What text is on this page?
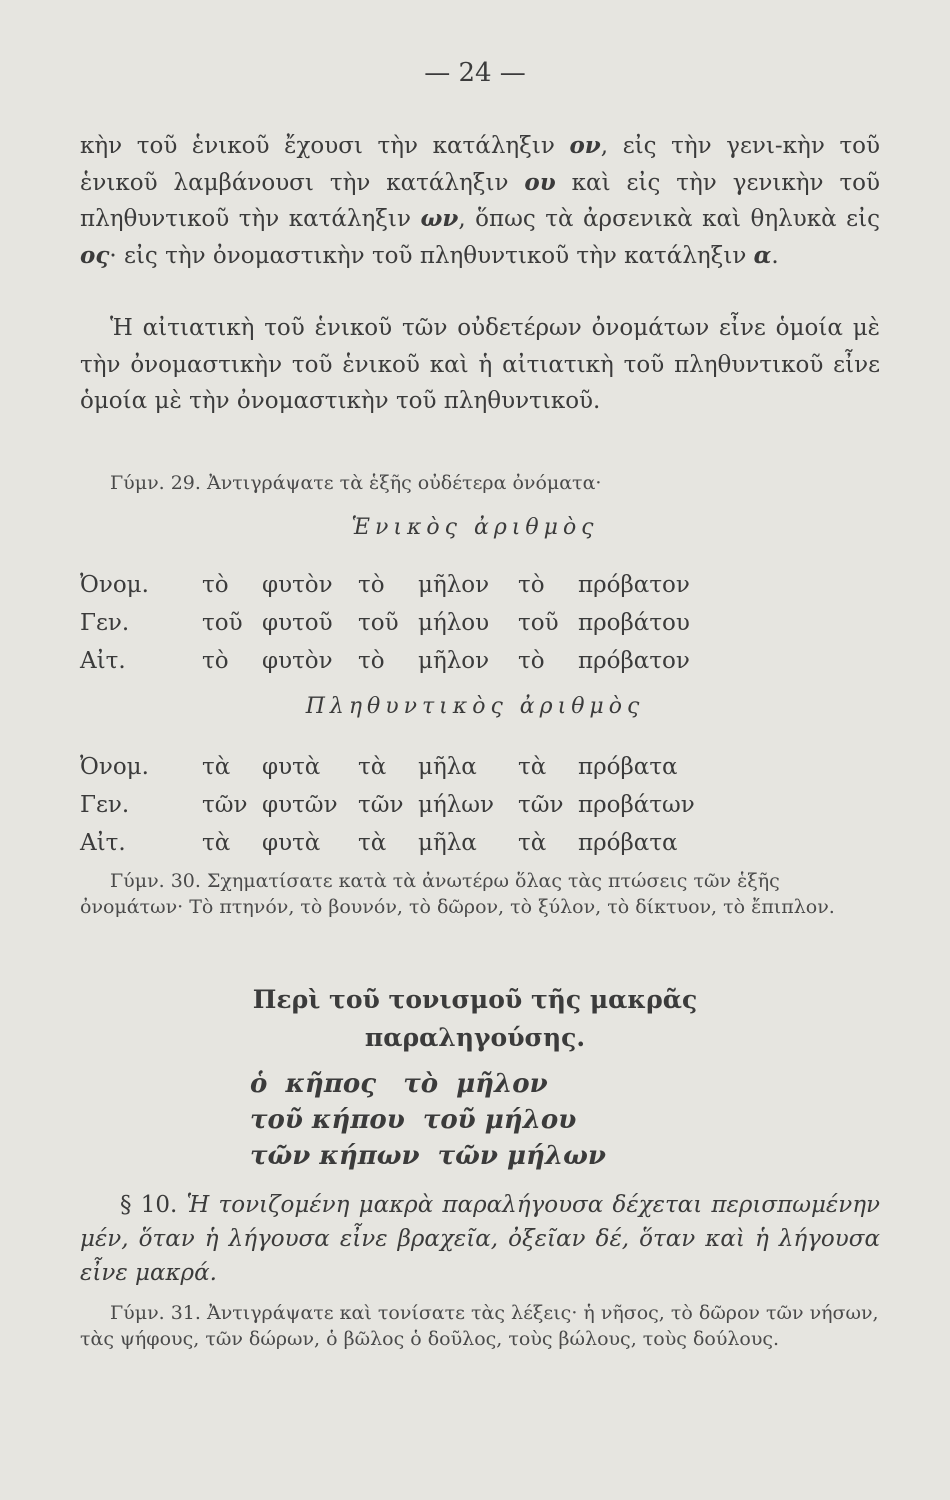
— 24 —

κὴν τοῦ ἑνικοῦ ἔχουσι τὴν κατάληξιν ον, εἰς τὴν γενι-κὴν τοῦ ἑνικοῦ λαμβάνουσι τὴν κατάληξιν ου καὶ εἰς τὴν γενικὴν τοῦ πληθυντικοῦ τὴν κατάληξιν ων, ὅπως τὰ ἀρσενικὰ καὶ θηλυκὰ εἰς ος· εἰς τὴν ὀνομαστικὴν τοῦ πληθυντικοῦ τὴν κατάληξιν α.

Ἡ αἰτιατικὴ τοῦ ἑνικοῦ τῶν οὐδετέρων ὀνομάτων εἶνε ὁμοία μὲ τὴν ὀνομαστικὴν τοῦ ἑνικοῦ καὶ ἡ αἰτιατικὴ τοῦ πληθυντικοῦ εἶνε ὁμοία μὲ τὴν ὀνομαστικὴν τοῦ πληθυντικοῦ.

Γύμν. 29. Ἀντιγράψατε τὰ ἑξῆς οὐδέτερα ὀνόματα·

Ἑνικὸς ἀριθμὸς
Ὀνομ.	τὸ	φυτὸν	τὸ	μῆλον	τὸ	πρόβατον
Γεν.	τοῦ	φυτοῦ	τοῦ	μήλου	τοῦ	προβάτου
Αἰτ.	τὸ	φυτὸν	τὸ	μῆλον	τὸ	πρόβατον
Πληθυντικὸς ἀριθμὸς
Ὀνομ.	τὰ	φυτὰ	τὰ	μῆλα	τὰ	πρόβατα
Γεν.	τῶν	φυτῶν	τῶν	μήλων	τῶν	προβάτων
Αἰτ.	τὰ	φυτὰ	τὰ	μῆλα	τὰ	πρόβατα

Γύμν. 30. Σχηματίσατε κατὰ τὰ ἀνωτέρω ὅλας τὰς πτώσεις τῶν ἑξῆς ὀνομάτων· Τὸ πτηνόν, τὸ βουνόν, τὸ δῶρον, τὸ ξύλον, τὸ δίκτυον, τὸ ἔπιπλον.

Περὶ τοῦ τονισμοῦ τῆς μακρᾶς
παραληγούσης.
ὁ  κῆπος   τὸ  μῆλον
τοῦ κήπου  τοῦ μήλου
τῶν κήπων  τῶν μήλων

§ 10. Ἡ τονιζομένη μακρὰ παραλήγουσα δέχεται περισπωμένην μέν, ὅταν ἡ λήγουσα εἶνε βραχεῖα, ὀξεῖαν δέ, ὅταν καὶ ἡ λήγουσα εἶνε μακρά.

Γύμν. 31. Ἀντιγράψατε καὶ τονίσατε τὰς λέξεις· ἡ νῆσος, τὸ δῶρον τῶν νήσων, τὰς ψήφους, τῶν δώρων, ὁ βῶλος ὁ δοῦλος, τοὺς βώλους, τοὺς δούλους.
